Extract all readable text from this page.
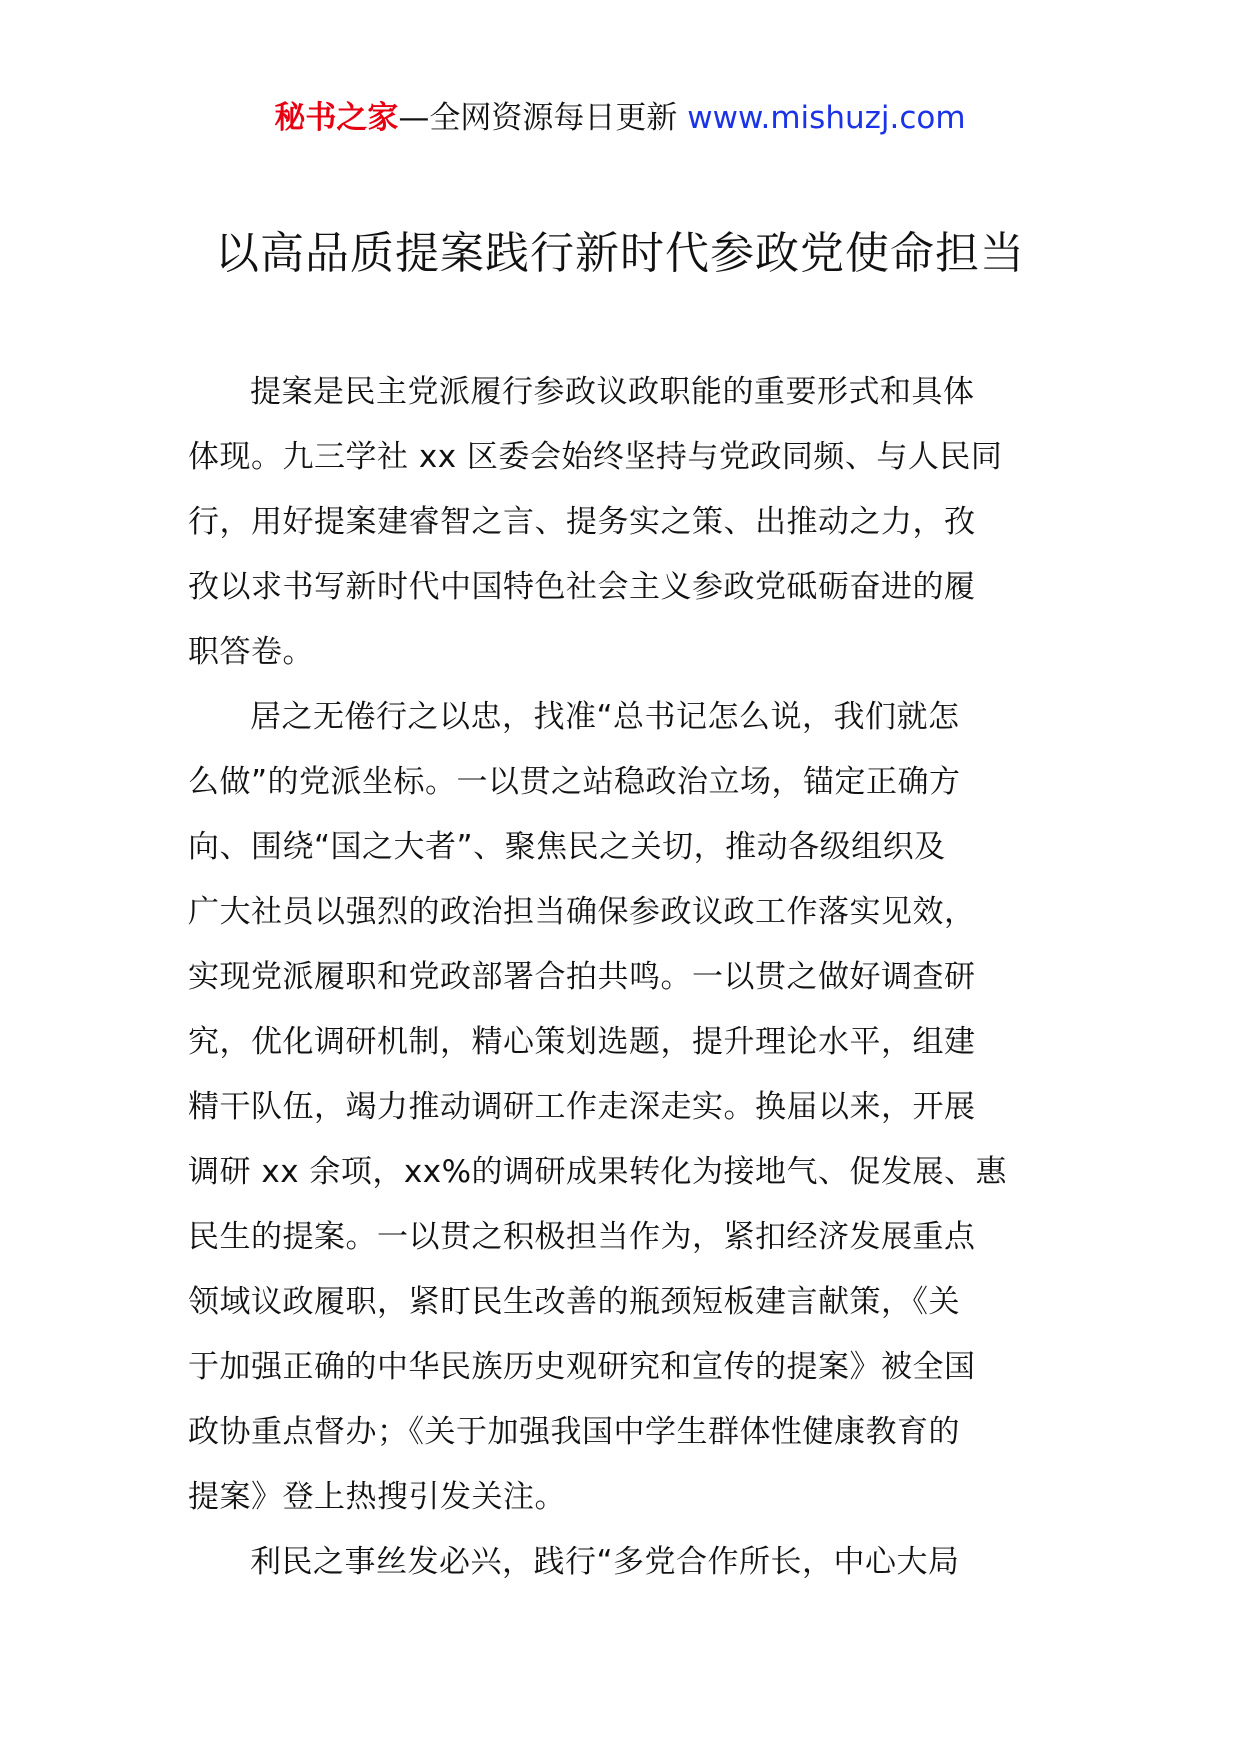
秘书之家—全网资源每日更新 www.mishuzj.com
以高品质提案践行新时代参政党使命担当
提案是民主党派履行参政议政职能的重要形式和具体
体现。九三学社 xx 区委会始终坚持与党政同频、与人民同
行，用好提案建睿智之言、提务实之策、出推动之力，孜
孜以求书写新时代中国特色社会主义参政党砥砺奋进的履
职答卷。
居之无倦行之以忠，找准“总书记怎么说，我们就怎
么做”的党派坐标。一以贯之站稳政治立场，锚定正确方
向、围绕“国之大者”、聚焦民之关切，推动各级组织及
广大社员以强烈的政治担当确保参政议政工作落实见效，
实现党派履职和党政部署合拍共鸣。一以贯之做好调查研
究，优化调研机制，精心策划选题，提升理论水平，组建
精干队伍，竭力推动调研工作走深走实。换届以来，开展
调研 xx 余项，xx%的调研成果转化为接地气、促发展、惠
民生的提案。一以贯之积极担当作为，紧扣经济发展重点
领域议政履职，紧盯民生改善的瓶颈短板建言献策，《关
于加强正确的中华民族历史观研究和宣传的提案》被全国
政协重点督办；《关于加强我国中学生群体性健康教育的
提案》登上热搜引发关注。
利民之事丝发必兴，践行“多党合作所长，中心大局
